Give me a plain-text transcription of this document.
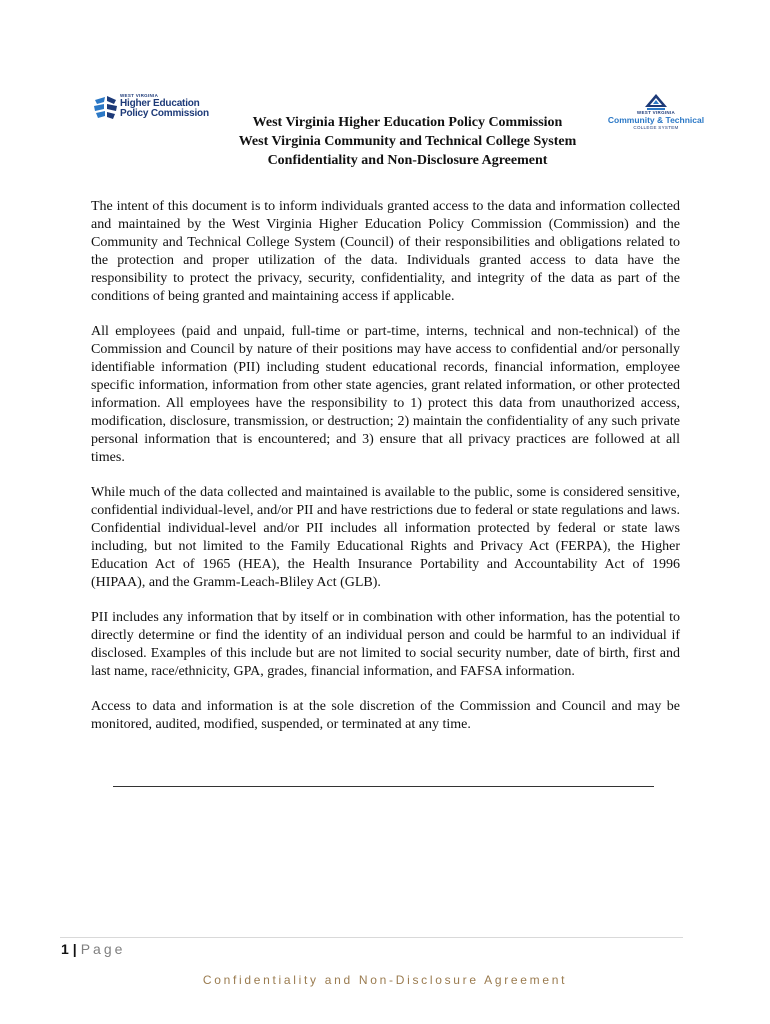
WEST VIRGINIA
Higher Education
Policy Commission	WEST VIRGINIA
Community & Technical
COLLEGE SYSTEM
West Virginia Higher Education Policy Commission
West Virginia Community and Technical College System
Confidentiality and Non-Disclosure Agreement

The intent of this document is to inform individuals granted access to the data and information collected and maintained by the West Virginia Higher Education Policy Commission (Commission) and the Community and Technical College System (Council) of their responsibilities and obligations related to the protection and proper utilization of the data. Individuals granted access to data have the responsibility to protect the privacy, security, confidentiality, and integrity of the data as part of the conditions of being granted and maintaining access if applicable.

All employees (paid and unpaid, full-time or part-time, interns, technical and non-technical) of the Commission and Council by nature of their positions may have access to confidential and/or personally identifiable information (PII) including student educational records, financial information, employee specific information, information from other state agencies, grant related information, or other protected information. All employees have the responsibility to 1) protect this data from unauthorized access, modification, disclosure, transmission, or destruction; 2) maintain the confidentiality of any such private personal information that is encountered; and 3) ensure that all privacy practices are followed at all times.

While much of the data collected and maintained is available to the public, some is considered sensitive, confidential individual-level, and/or PII and have restrictions due to federal or state regulations and laws. Confidential individual-level and/or PII includes all information protected by federal or state laws including, but not limited to the Family Educational Rights and Privacy Act (FERPA), the Higher Education Act of 1965 (HEA), the Health Insurance Portability and Accountability Act of 1996 (HIPAA), and the Gramm-Leach-Bliley Act (GLB).

PII includes any information that by itself or in combination with other information, has the potential to directly determine or find the identity of an individual person and could be harmful to an individual if disclosed. Examples of this include but are not limited to social security number, date of birth, first and last name, race/ethnicity, GPA, grades, financial information, and FAFSA information.

Access to data and information is at the sole discretion of the Commission and Council and may be monitored, audited, modified, suspended, or terminated at any time.

1 | Page
Confidentiality and Non-Disclosure Agreement
